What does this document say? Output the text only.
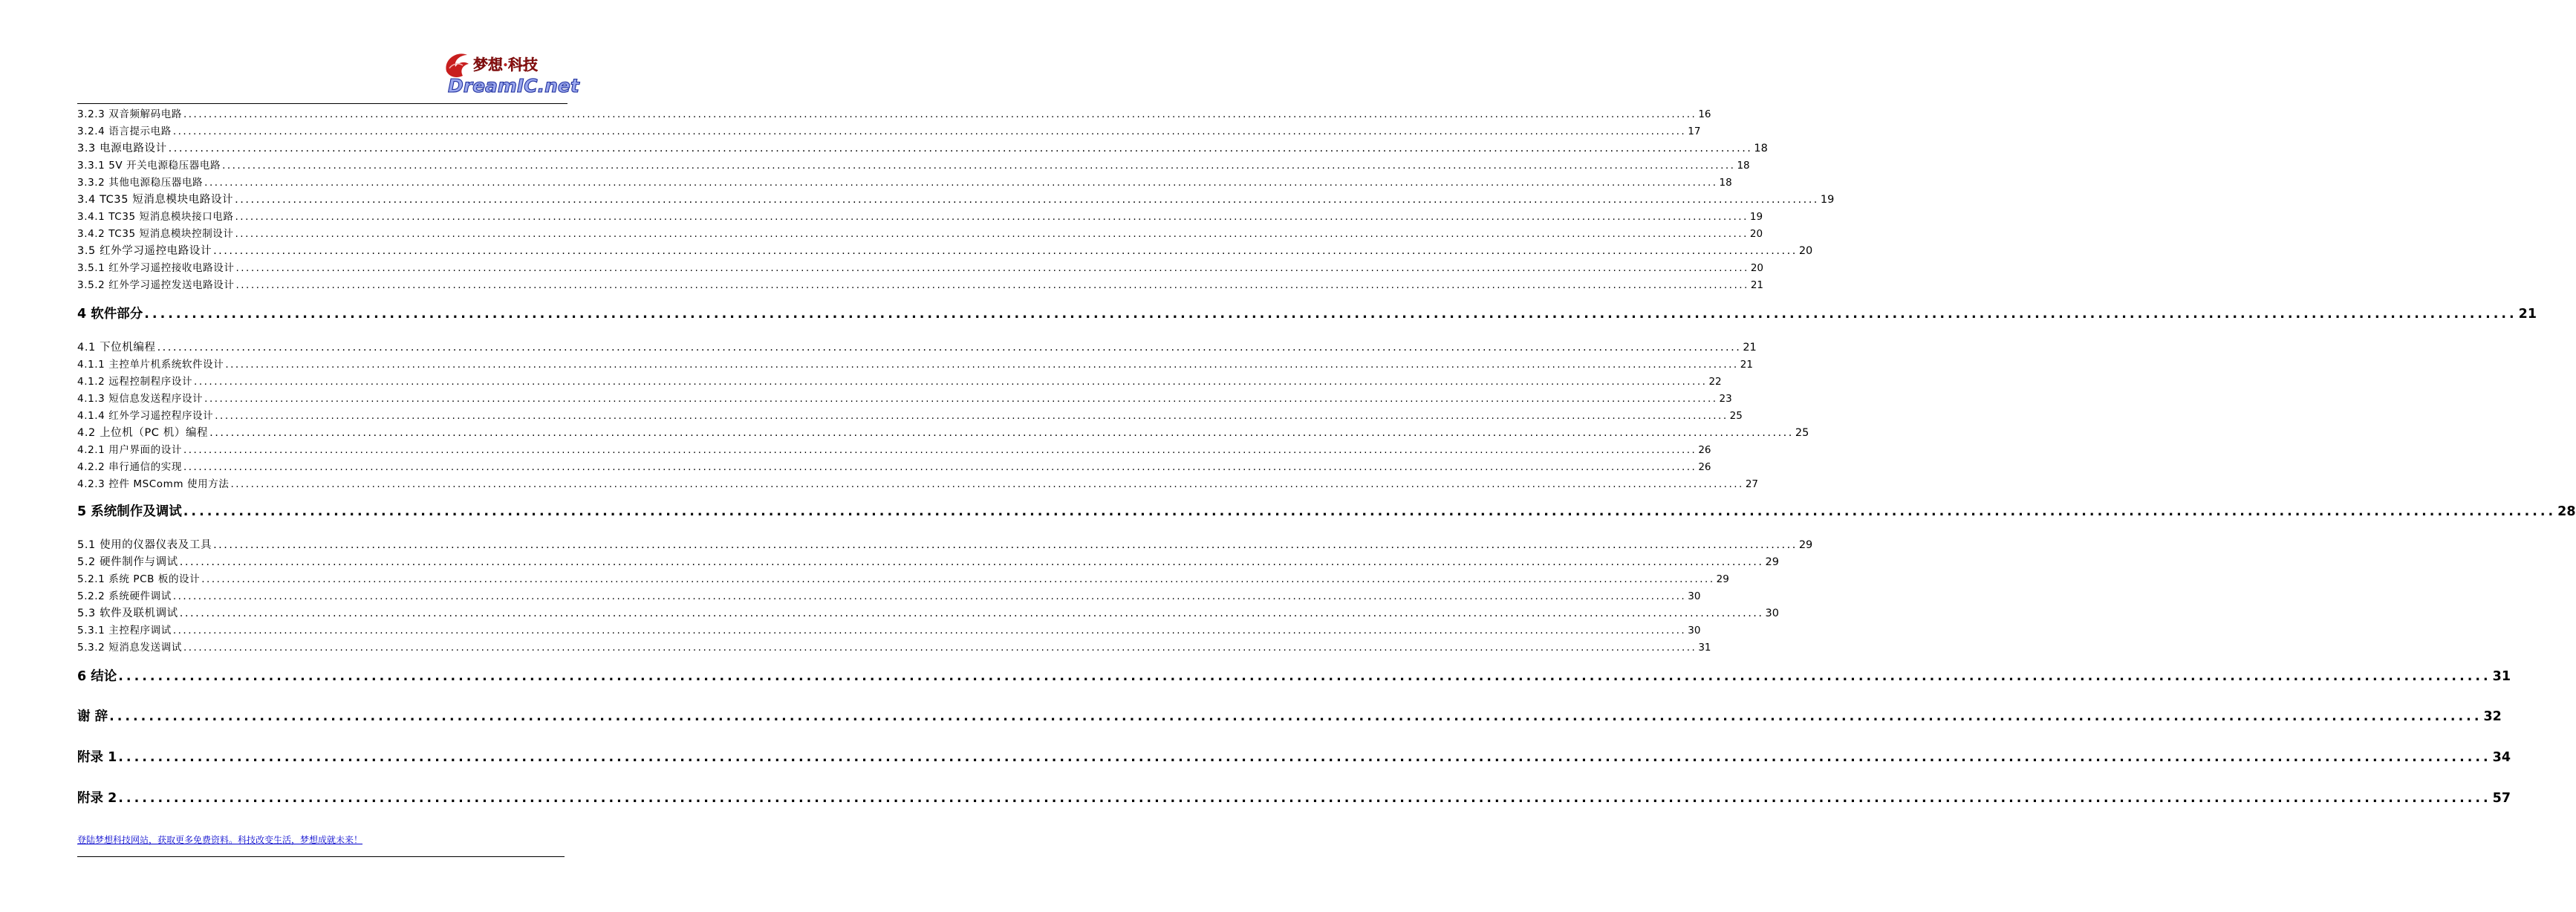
梦想·科技
DreamIC.net
3.2.3 双音频解码电路 ............................................................................................................................................................................................................................................................................................................ 16
3.2.4 语言提示电路 ............................................................................................................................................................................................................................................................................................................ 17
3.3 电源电路设计 ............................................................................................................................................................................................................................................................................................................ 18
3.3.1 5V 开关电源稳压器电路 ............................................................................................................................................................................................................................................................................................................ 18
3.3.2 其他电源稳压器电路 ............................................................................................................................................................................................................................................................................................................ 18
3.4 TC35 短消息模块电路设计 ............................................................................................................................................................................................................................................................................................................ 19
3.4.1 TC35 短消息模块接口电路 ............................................................................................................................................................................................................................................................................................................ 19
3.4.2 TC35 短消息模块控制设计 ............................................................................................................................................................................................................................................................................................................ 20
3.5 红外学习遥控电路设计 ............................................................................................................................................................................................................................................................................................................ 20
3.5.1 红外学习遥控接收电路设计 ............................................................................................................................................................................................................................................................................................................ 20
3.5.2 红外学习遥控发送电路设计 ............................................................................................................................................................................................................................................................................................................ 21
4 软件部分 ............................................................................................................................................................................................................................................................................................................ 21
4.1 下位机编程 ............................................................................................................................................................................................................................................................................................................ 21
4.1.1 主控单片机系统软件设计 ............................................................................................................................................................................................................................................................................................................ 21
4.1.2 远程控制程序设计 ............................................................................................................................................................................................................................................................................................................ 22
4.1.3 短信息发送程序设计 ............................................................................................................................................................................................................................................................................................................ 23
4.1.4 红外学习遥控程序设计 ............................................................................................................................................................................................................................................................................................................ 25
4.2 上位机（PC 机）编程 ............................................................................................................................................................................................................................................................................................................ 25
4.2.1 用户界面的设计 ............................................................................................................................................................................................................................................................................................................ 26
4.2.2 串行通信的实现 ............................................................................................................................................................................................................................................................................................................ 26
4.2.3 控件 MSComm 使用方法 ............................................................................................................................................................................................................................................................................................................ 27
5 系统制作及调试 ............................................................................................................................................................................................................................................................................................................ 28
5.1 使用的仪器仪表及工具 ............................................................................................................................................................................................................................................................................................................ 29
5.2 硬件制作与调试 ............................................................................................................................................................................................................................................................................................................ 29
5.2.1 系统 PCB 板的设计 ............................................................................................................................................................................................................................................................................................................ 29
5.2.2 系统硬件调试 ............................................................................................................................................................................................................................................................................................................ 30
5.3 软件及联机调试 ............................................................................................................................................................................................................................................................................................................ 30
5.3.1 主控程序调试 ............................................................................................................................................................................................................................................................................................................ 30
5.3.2 短消息发送调试 ............................................................................................................................................................................................................................................................................................................ 31
6 结论 ............................................................................................................................................................................................................................................................................................................ 31
谢 辞 ............................................................................................................................................................................................................................................................................................................ 32
附录 1 ............................................................................................................................................................................................................................................................................................................ 34
附录 2 ............................................................................................................................................................................................................................................................................................................ 57
登陆梦想科技网站，获取更多免费资料。科技改变生活，梦想成就未来！
